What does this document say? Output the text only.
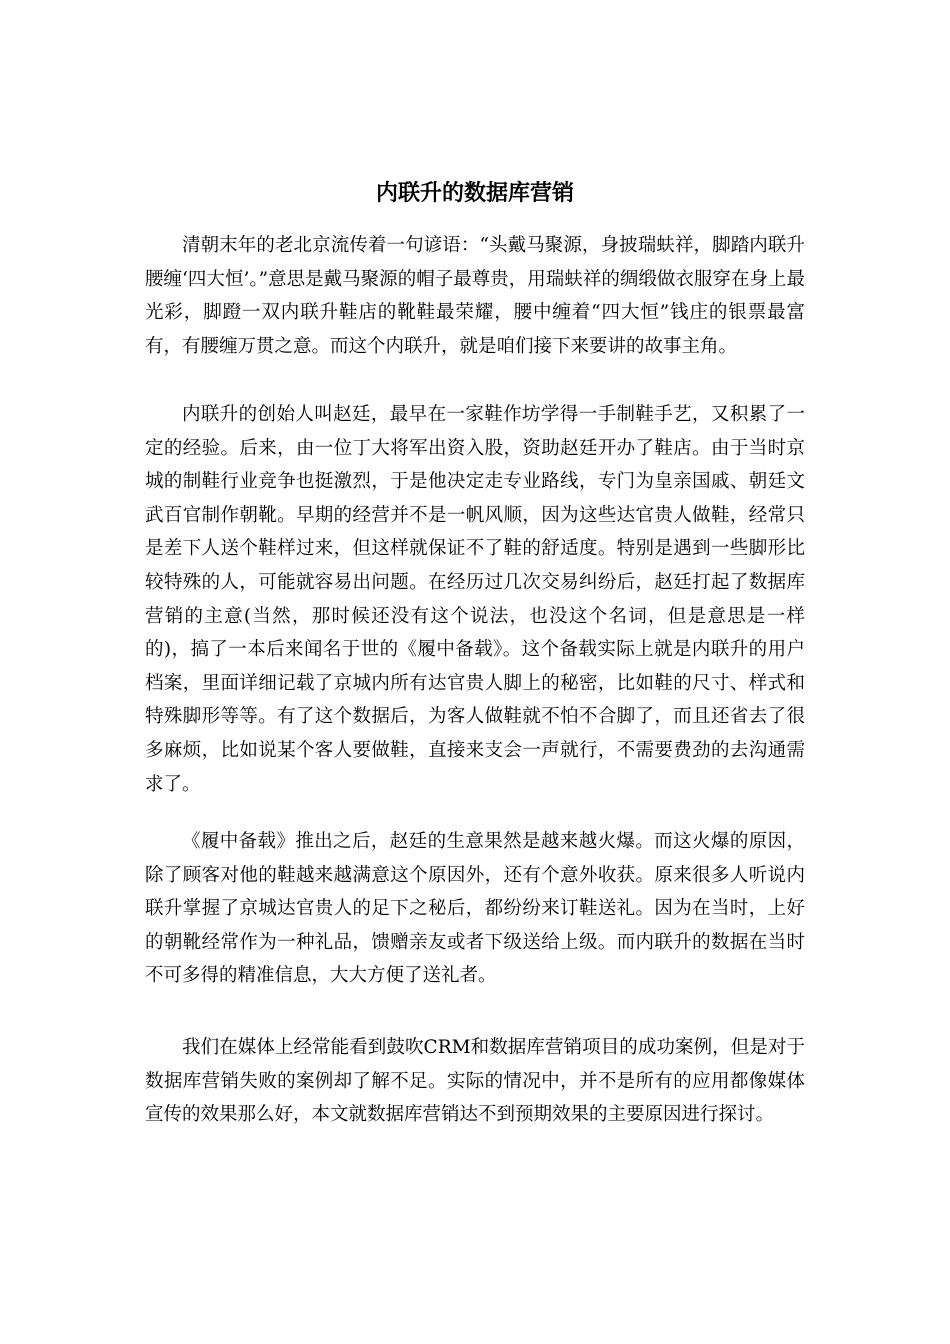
内联升的数据库营销

清朝末年的老北京流传着一句谚语：“头戴马聚源，身披瑞蚨祥，脚踏内联升腰缠‘四大恒’。”意思是戴马聚源的帽子最尊贵，用瑞蚨祥的绸缎做衣服穿在身上最光彩，脚蹬一双内联升鞋店的靴鞋最荣耀，腰中缠着“四大恒”钱庄的银票最富有，有腰缠万贯之意。而这个内联升，就是咱们接下来要讲的故事主角。

内联升的创始人叫赵廷，最早在一家鞋作坊学得一手制鞋手艺，又积累了一定的经验。后来，由一位丁大将军出资入股，资助赵廷开办了鞋店。由于当时京城的制鞋行业竞争也挺激烈，于是他决定走专业路线，专门为皇亲国戚、朝廷文武百官制作朝靴。早期的经营并不是一帆风顺，因为这些达官贵人做鞋，经常只是差下人送个鞋样过来，但这样就保证不了鞋的舒适度。特别是遇到一些脚形比较特殊的人，可能就容易出问题。在经历过几次交易纠纷后，赵廷打起了数据库营销的主意(当然，那时候还没有这个说法，也没这个名词，但是意思是一样的)，搞了一本后来闻名于世的《履中备载》。这个备载实际上就是内联升的用户档案，里面详细记载了京城内所有达官贵人脚上的秘密，比如鞋的尺寸、样式和特殊脚形等等。有了这个数据后，为客人做鞋就不怕不合脚了，而且还省去了很多麻烦，比如说某个客人要做鞋，直接来支会一声就行，不需要费劲的去沟通需求了。

《履中备载》推出之后，赵廷的生意果然是越来越火爆。而这火爆的原因，除了顾客对他的鞋越来越满意这个原因外，还有个意外收获。原来很多人听说内联升掌握了京城达官贵人的足下之秘后，都纷纷来订鞋送礼。因为在当时，上好的朝靴经常作为一种礼品，馈赠亲友或者下级送给上级。而内联升的数据在当时不可多得的精准信息，大大方便了送礼者。

我们在媒体上经常能看到鼓吹CRM和数据库营销项目的成功案例，但是对于数据库营销失败的案例却了解不足。实际的情况中，并不是所有的应用都像媒体宣传的效果那么好，本文就数据库营销达不到预期效果的主要原因进行探讨。
